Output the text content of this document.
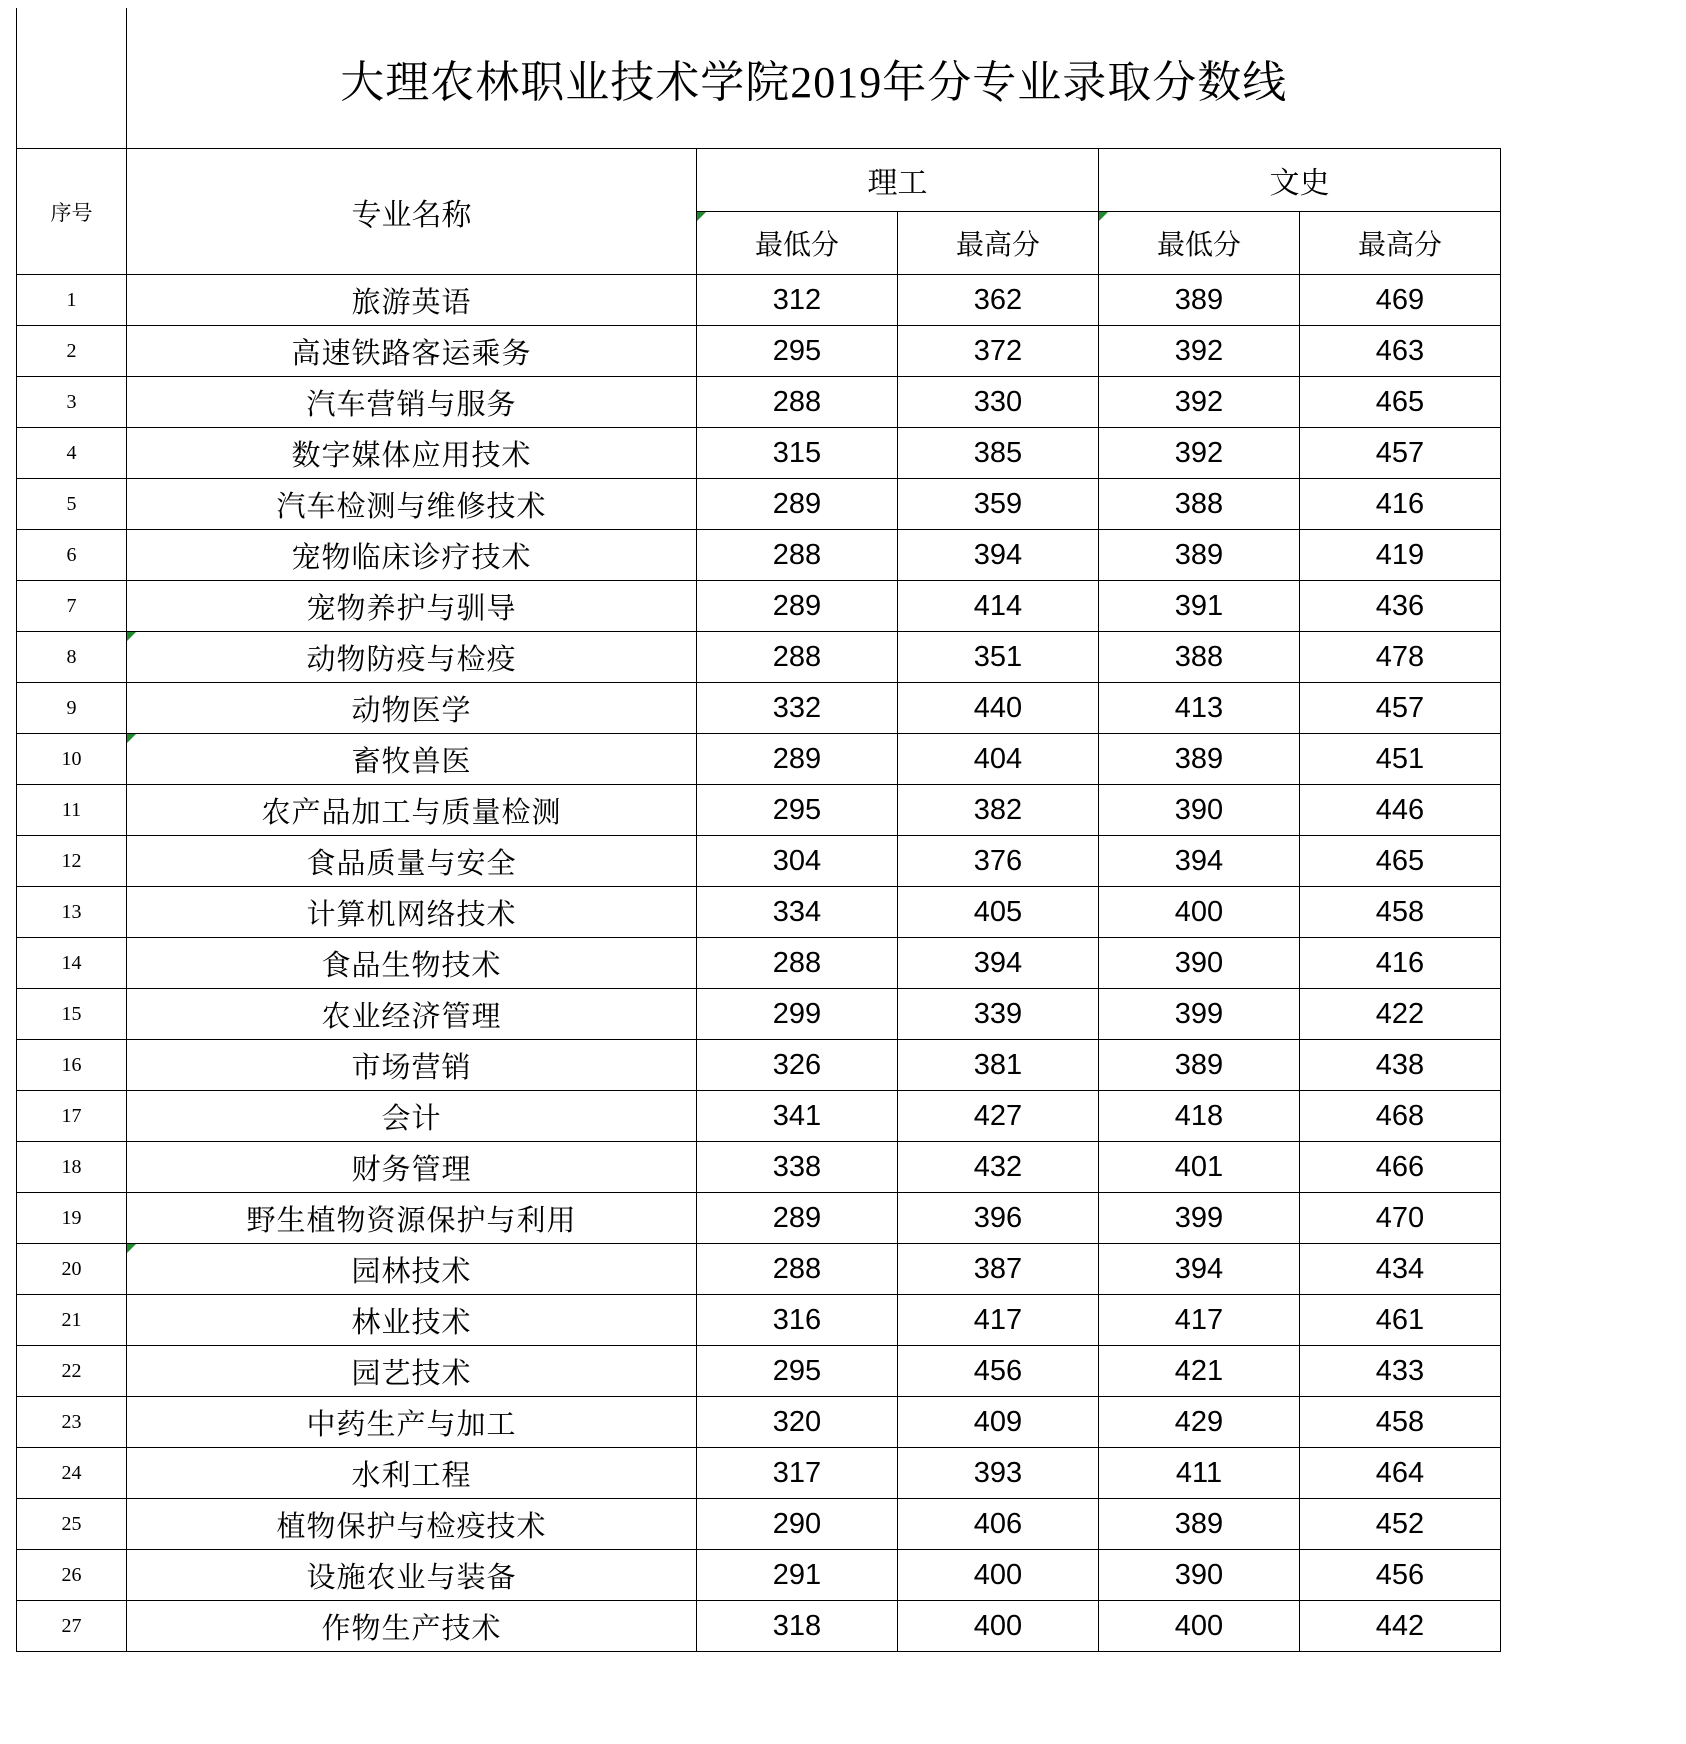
	大理农林职业技术学院2019年分专业录取分数线				
序号	专业名称	理工		文史	
		最低分	最高分	最低分	最高分
1	旅游英语	312	362	389	469
2	高速铁路客运乘务	295	372	392	463
3	汽车营销与服务	288	330	392	465
4	数字媒体应用技术	315	385	392	457
5	汽车检测与维修技术	289	359	388	416
6	宠物临床诊疗技术	288	394	389	419
7	宠物养护与驯导	289	414	391	436
8	动物防疫与检疫	288	351	388	478
9	动物医学	332	440	413	457
10	畜牧兽医	289	404	389	451
11	农产品加工与质量检测	295	382	390	446
12	食品质量与安全	304	376	394	465
13	计算机网络技术	334	405	400	458
14	食品生物技术	288	394	390	416
15	农业经济管理	299	339	399	422
16	市场营销	326	381	389	438
17	会计	341	427	418	468
18	财务管理	338	432	401	466
19	野生植物资源保护与利用	289	396	399	470
20	园林技术	288	387	394	434
21	林业技术	316	417	417	461
22	园艺技术	295	456	421	433
23	中药生产与加工	320	409	429	458
24	水利工程	317	393	411	464
25	植物保护与检疫技术	290	406	389	452
26	设施农业与装备	291	400	390	456
27	作物生产技术	318	400	400	442
